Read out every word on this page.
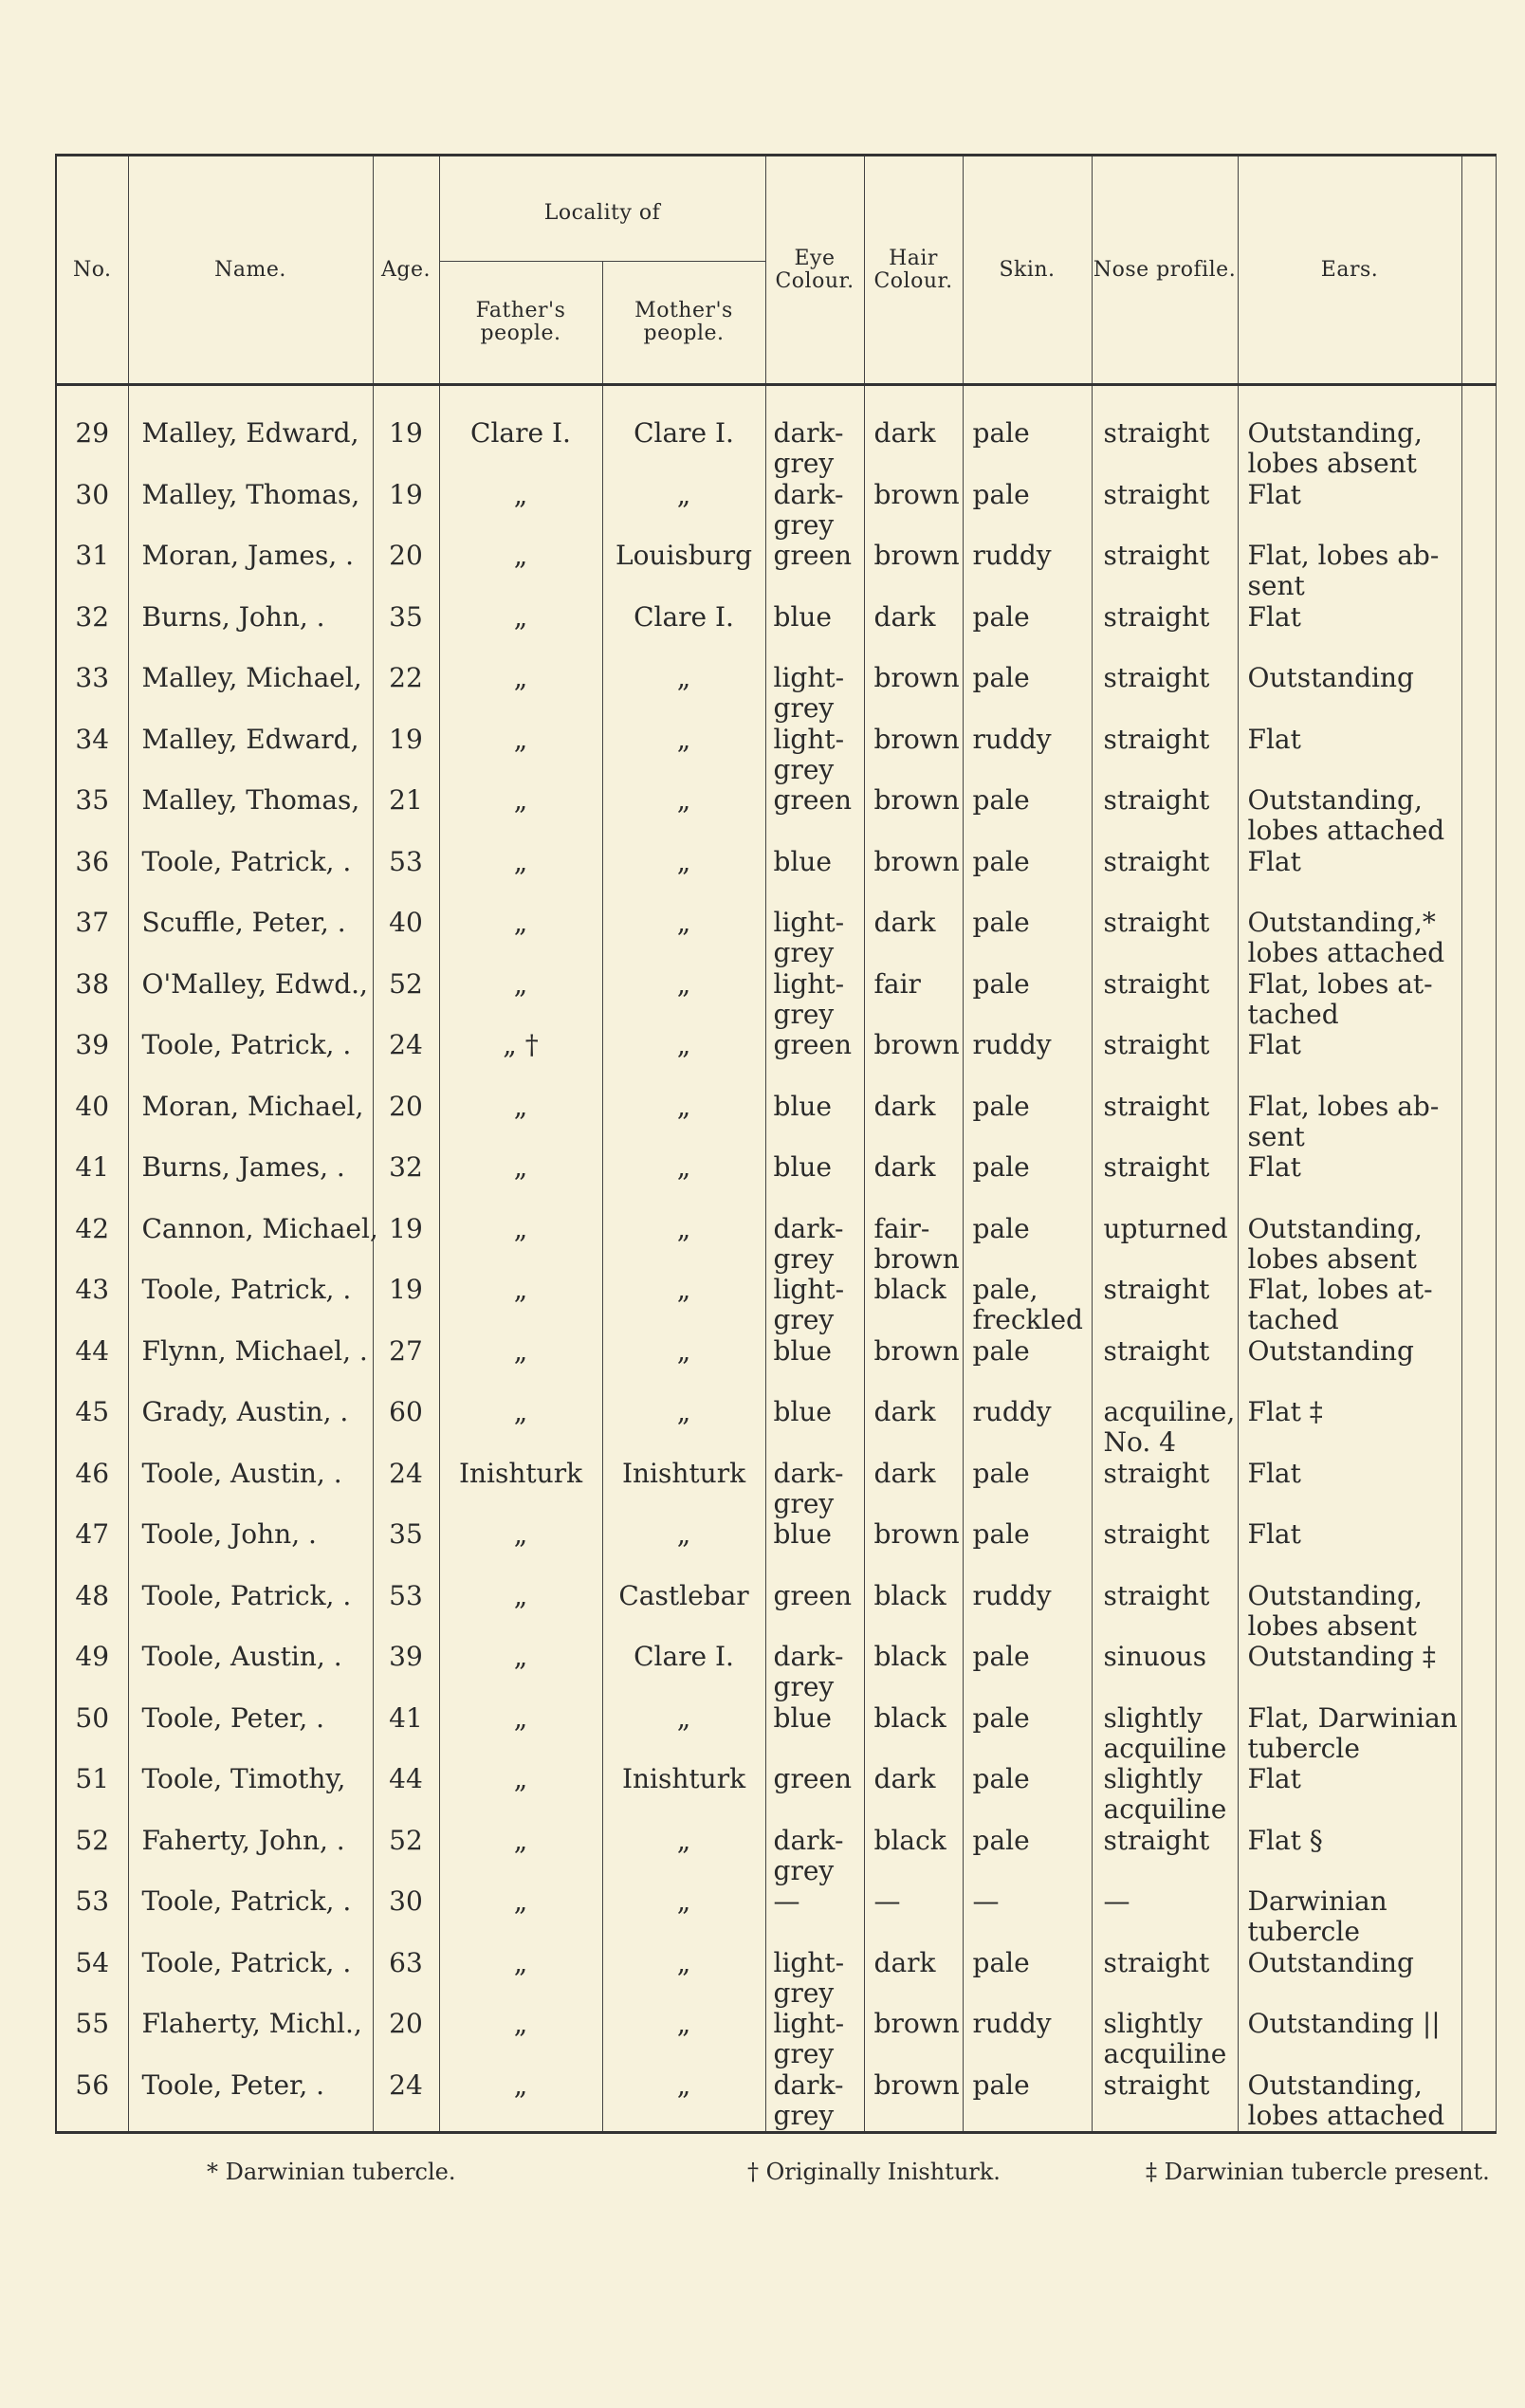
No.	Name.	Age.	Locality of		Eye Colour.	Hair Colour.	Skin.	Nose profile.	Ears.	
			Father's people.	Mother's people.						
29	Malley, Edward,	19	Clare I.	Clare I.	dark-grey	dark	pale	straight	Outstanding, lobes absent	
30	Malley, Thomas,	19	„	„	dark-grey	brown	pale	straight	Flat	
31	Moran, James, .	20	„	Louisburg	green	brown	ruddy	straight	Flat, lobes ab-sent	
32	Burns, John, .	35	„	Clare I.	blue	dark	pale	straight	Flat	
33	Malley, Michael,	22	„	„	light-grey	brown	pale	straight	Outstanding	
34	Malley, Edward,	19	„	„	light-grey	brown	ruddy	straight	Flat	
35	Malley, Thomas,	21	„	„	green	brown	pale	straight	Outstanding, lobes attached	
36	Toole, Patrick, .	53	„	„	blue	brown	pale	straight	Flat	
37	Scuffle, Peter, .	40	„	„	light-grey	dark	pale	straight	Outstanding,* lobes attached	
38	O'Malley, Edwd.,	52	„	„	light-grey	fair	pale	straight	Flat, lobes at-tached	
39	Toole, Patrick, .	24	„ †	„	green	brown	ruddy	straight	Flat	
40	Moran, Michael,	20	„	„	blue	dark	pale	straight	Flat, lobes ab-sent	
41	Burns, James, .	32	„	„	blue	dark	pale	straight	Flat	
42	Cannon, Michael,	19	„	„	dark-grey	fair-brown	pale	upturned	Outstanding, lobes absent	
43	Toole, Patrick, .	19	„	„	light-grey	black	pale, freckled	straight	Flat, lobes at-tached	
44	Flynn, Michael, .	27	„	„	blue	brown	pale	straight	Outstanding	
45	Grady, Austin, .	60	„	„	blue	dark	ruddy	acquiline, No. 4	Flat ‡	
46	Toole, Austin, .	24	Inishturk	Inishturk	dark-grey	dark	pale	straight	Flat	
47	Toole, John, .	35	„	„	blue	brown	pale	straight	Flat	
48	Toole, Patrick, .	53	„	Castlebar	green	black	ruddy	straight	Outstanding, lobes absent	
49	Toole, Austin, .	39	„	Clare I.	dark-grey	black	pale	sinuous	Outstanding ‡	
50	Toole, Peter, .	41	„	„	blue	black	pale	slightly acquiline	Flat, Darwinian tubercle	
51	Toole, Timothy,	44	„	Inishturk	green	dark	pale	slightly acquiline	Flat	
52	Faherty, John, .	52	„	„	dark-grey	black	pale	straight	Flat §	
53	Toole, Patrick, .	30	„	„	—	—	—	—	Darwinian tubercle	
54	Toole, Patrick, .	63	„	„	light-grey	dark	pale	straight	Outstanding	
55	Flaherty, Michl.,	20	„	„	light-grey	brown	ruddy	slightly acquiline	Outstanding ||	
56	Toole, Peter, .	24	„	„	dark-grey	brown	pale	straight	Outstanding, lobes attached	
* Darwinian tubercle.	† Originally Inishturk.	‡ Darwinian tubercle present.
